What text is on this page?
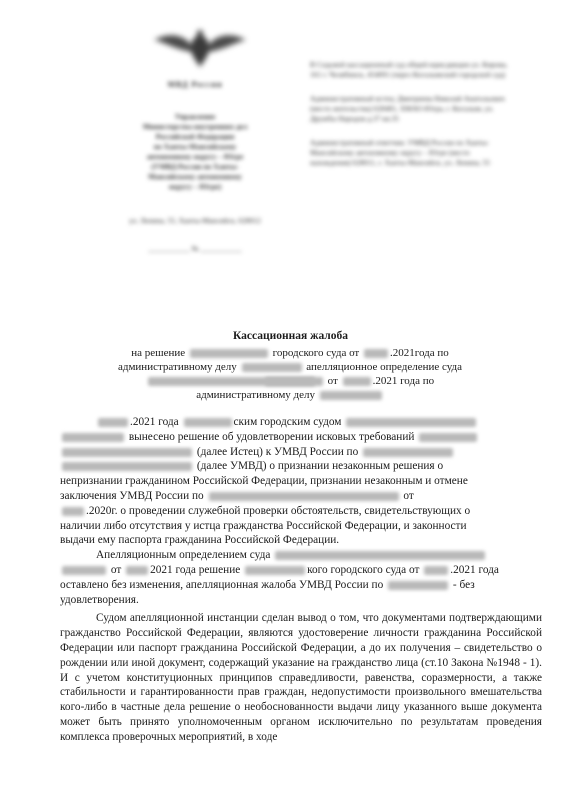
МВД России
Управление
Министерства внутренних дел
Российской Федерации
по Ханты-Мансийскому
автономному округу – Югре
(УМВД России по Ханты-
Мансийскому автономному
округу – Югре)
ул. Ленина, 55, Ханты-Мансийск, 628012
___________ № ___________

В Седьмой кассационный суд общей юрисдикции ул. Кирова, 161 г. Челябинск, 454091 (через Когалымский городской суд)

Административный истец: Дмитриева Николай Анатольевич (место жительства) 628481, ХМАО-Югра, г. Когалым, ул. Дружбы Народов д.37 кв.35

Административный ответчик: УМВД России по Ханты-Мансийскому автономному округу – Югре (место нахождения) 628011, г. Ханты-Мансийск, ул. Ленина, 55

Кассационная жалоба
на решение	городского суда от	.2021года по
административному делу	апелляционное определение суда
от	.2021 года по
административному делу

.2021 года	ским городским судом

вынесено решение об удовлетворении исковых требований

(далее Истец) к УМВД России по

(далее УМВД) о признании незаконным решения о

непризнании гражданином Российской Федерации, признании незаконным и отмене

заключения УМВД России по	от

.2020г. о проведении служебной проверки обстоятельств, свидетельствующих о

наличии либо отсутствия у истца гражданства Российской Федерации, и законности

выдачи ему паспорта гражданина Российской Федерации.

Апелляционным определением суда

от	2021 года решение	кого городского суда от	.2021 года

оставлено без изменения, апелляционная жалоба УМВД России по	- без

удовлетворения.

Судом апелляционной инстанции сделан вывод о том, что документами подтверждающими гражданство Российской Федерации, являются удостоверение личности гражданина Российской Федерации или паспорт гражданина Российской Федерации, а до их получения – свидетельство о рождении или иной документ, содержащий указание на гражданство лица (ст.10 Закона №1948 - 1). И с учетом конституционных принципов справедливости, равенства, соразмерности, а также стабильности и гарантированности прав граждан, недопустимости произвольного вмешательства кого-либо в частные дела решение о необоснованности выдачи лицу указанного выше документа может быть принято уполномоченным органом исключительно по результатам проведения комплекса проверочных мероприятий, в ходе
